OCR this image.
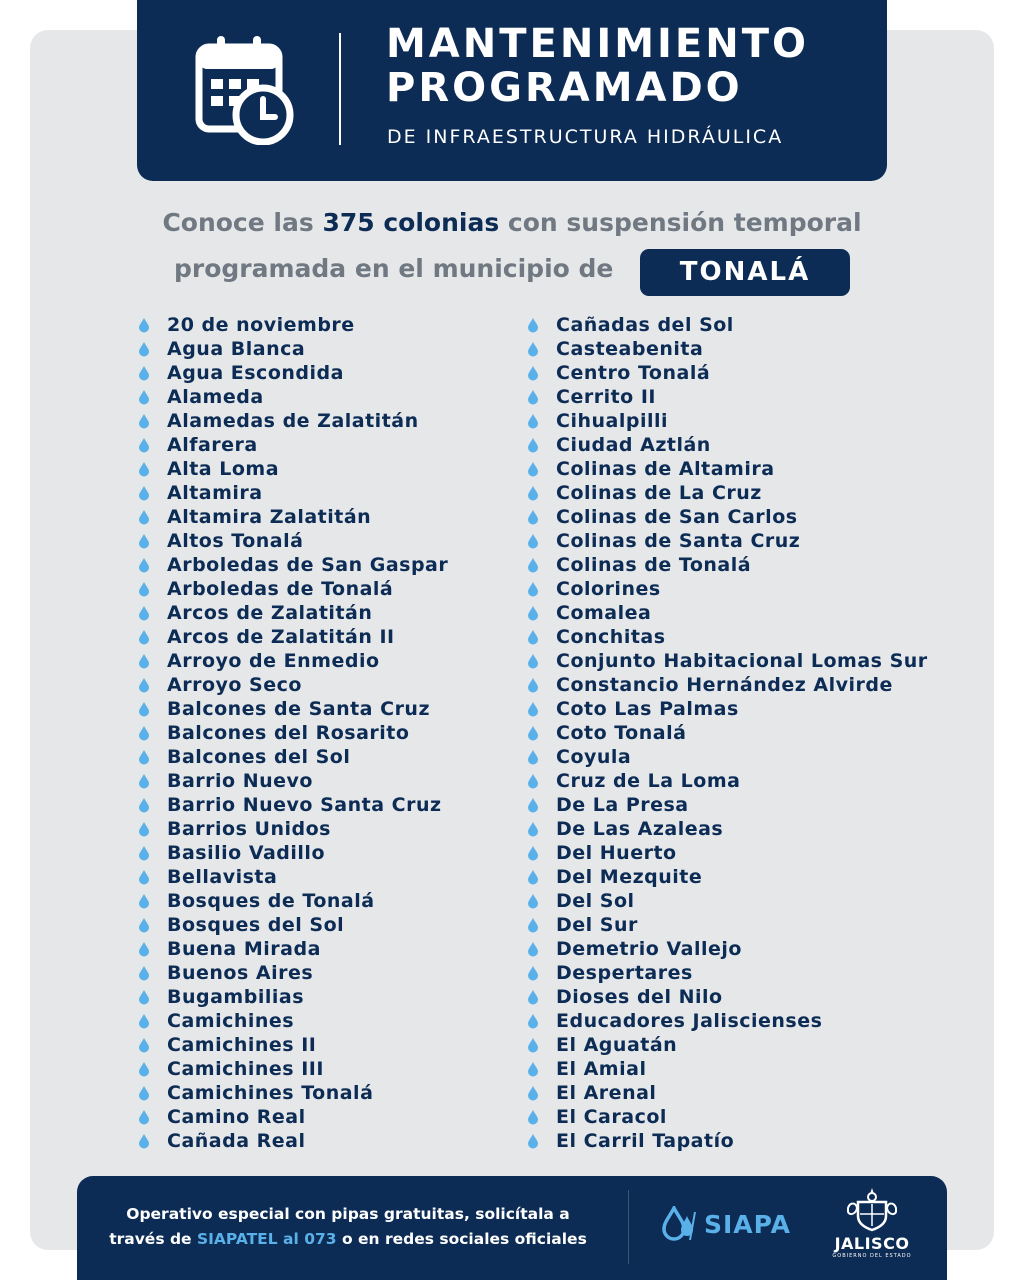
MANTENIMIENTO
PROGRAMADO
DE INFRAESTRUCTURA HIDRÁULICA
Conoce las 375 colonias con suspensión temporal
programada en el municipio de	TONALÁ
20 de noviembre
Agua Blanca
Agua Escondida
Alameda
Alamedas de Zalatitán
Alfarera
Alta Loma
Altamira
Altamira Zalatitán
Altos Tonalá
Arboledas de San Gaspar
Arboledas de Tonalá
Arcos de Zalatitán
Arcos de Zalatitán II
Arroyo de Enmedio
Arroyo Seco
Balcones de Santa Cruz
Balcones del Rosarito
Balcones del Sol
Barrio Nuevo
Barrio Nuevo Santa Cruz
Barrios Unidos
Basilio Vadillo
Bellavista
Bosques de Tonalá
Bosques del Sol
Buena Mirada
Buenos Aires
Bugambilias
Camichines
Camichines II
Camichines III
Camichines Tonalá
Camino Real
Cañada Real
Cañadas del Sol
Casteabenita
Centro Tonalá
Cerrito II
Cihualpilli
Ciudad Aztlán
Colinas de Altamira
Colinas de La Cruz
Colinas de San Carlos
Colinas de Santa Cruz
Colinas de Tonalá
Colorines
Comalea
Conchitas
Conjunto Habitacional Lomas Sur
Constancio Hernández Alvirde
Coto Las Palmas
Coto Tonalá
Coyula
Cruz de La Loma
De La Presa
De Las Azaleas
Del Huerto
Del Mezquite
Del Sol
Del Sur
Demetrio Vallejo
Despertares
Dioses del Nilo
Educadores Jaliscienses
El Aguatán
El Amial
El Arenal
El Caracol
El Carril Tapatío
Operativo especial con pipas gratuitas, solicítala a
través de SIAPATEL al 073 o en redes sociales oficiales
SIAPA
JALISCO
GOBIERNO DEL ESTADO
